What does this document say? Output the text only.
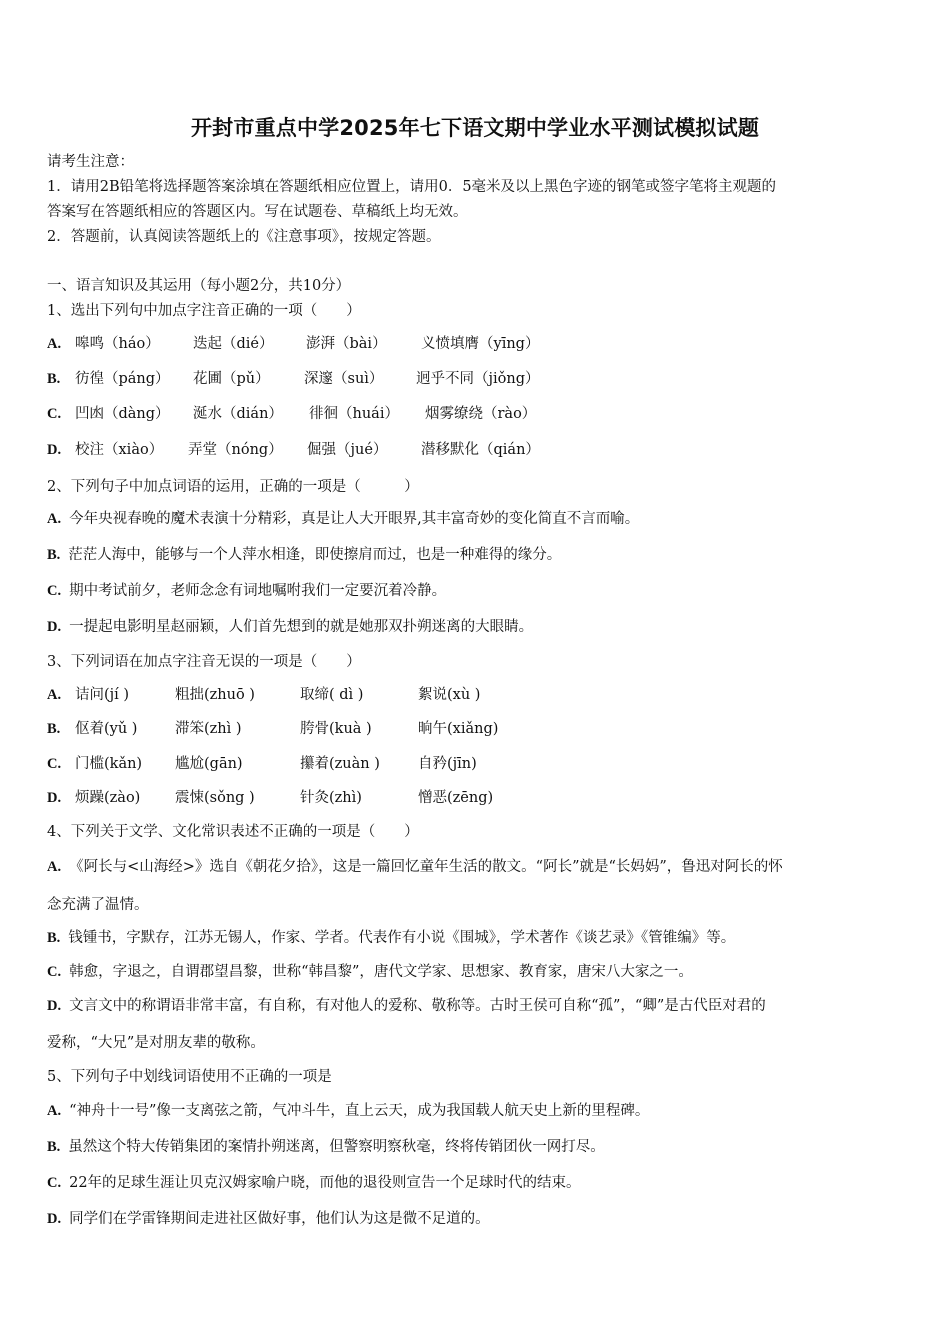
开封市重点中学2025年七下语文期中学业水平测试模拟试题
请考生注意：
1．请用2B铅笔将选择题答案涂填在答题纸相应位置上，请用0．5毫米及以上黑色字迹的钢笔或签字笔将主观题的
答案写在答题纸相应的答题区内。写在试题卷、草稿纸上均无效。
2．答题前，认真阅读答题纸上的《注意事项》，按规定答题。
一、语言知识及其运用（每小题2分，共10分）
1、选出下列句中加点字注音正确的一项（　　）
A. 嗥鸣（háo） 迭起（dié） 澎湃（bài） 义愤填膺（yīng）
B. 彷徨（páng） 花圃（pǔ） 深邃（suì） 迥乎不同（jiǒng）
C. 凹凼（dàng） 涎水（dián） 徘徊（huái） 烟雾缭绕（rào）
D. 校注（xiào） 弄堂（nóng） 倔强（jué） 潜移默化（qián）
2、下列句子中加点词语的运用，正确的一项是（　　　）
A. 今年央视春晚的魔术表演十分精彩，真是让人大开眼界,其丰富奇妙的变化简直不言而喻。
B. 茫茫人海中，能够与一个人萍水相逢，即使擦肩而过，也是一种难得的缘分。
C. 期中考试前夕，老师念念有词地嘱咐我们一定要沉着冷静。
D. 一提起电影明星赵丽颖，人们首先想到的就是她那双扑朔迷离的大眼睛。
3、下列词语在加点字注音无误的一项是（　　）
A. 诘问(jí )	粗拙(zhuō )	取缔( dì )	絮说(xù )
B. 伛着(yǔ )	滞笨(zhì )	胯骨(kuà )	晌午(xiǎng)
C. 门槛(kǎn) 尴尬(gān)	攥着(zuàn )	自矜(jīn)
D. 烦躁(zào) 震悚(sǒng )	针灸(zhì)	憎恶(zēng)
4、下列关于文学、文化常识表述不正确的一项是（　　）
A. 《阿长与<山海经>》选自《朝花夕拾》，这是一篇回忆童年生活的散文。“阿长”就是“长妈妈”，鲁迅对阿长的怀
念充满了温情。
B. 钱锺书，字默存，江苏无锡人，作家、学者。代表作有小说《围城》，学术著作《谈艺录》《管锥编》等。
C. 韩愈，字退之，自谓郡望昌黎，世称“韩昌黎”，唐代文学家、思想家、教育家，唐宋八大家之一。
D. 文言文中的称谓语非常丰富，有自称，有对他人的爱称、敬称等。古时王侯可自称“孤”，“卿”是古代臣对君的
爱称，“大兄”是对朋友辈的敬称。
5、下列句子中划线词语使用不正确的一项是
A. “神舟十一号”像一支离弦之箭，气冲斗牛，直上云天，成为我国载人航天史上新的里程碑。
B. 虽然这个特大传销集团的案情扑朔迷离，但警察明察秋毫，终将传销团伙一网打尽。
C. 22年的足球生涯让贝克汉姆家喻户晓，而他的退役则宣告一个足球时代的结束。
D. 同学们在学雷锋期间走进社区做好事，他们认为这是微不足道的。
